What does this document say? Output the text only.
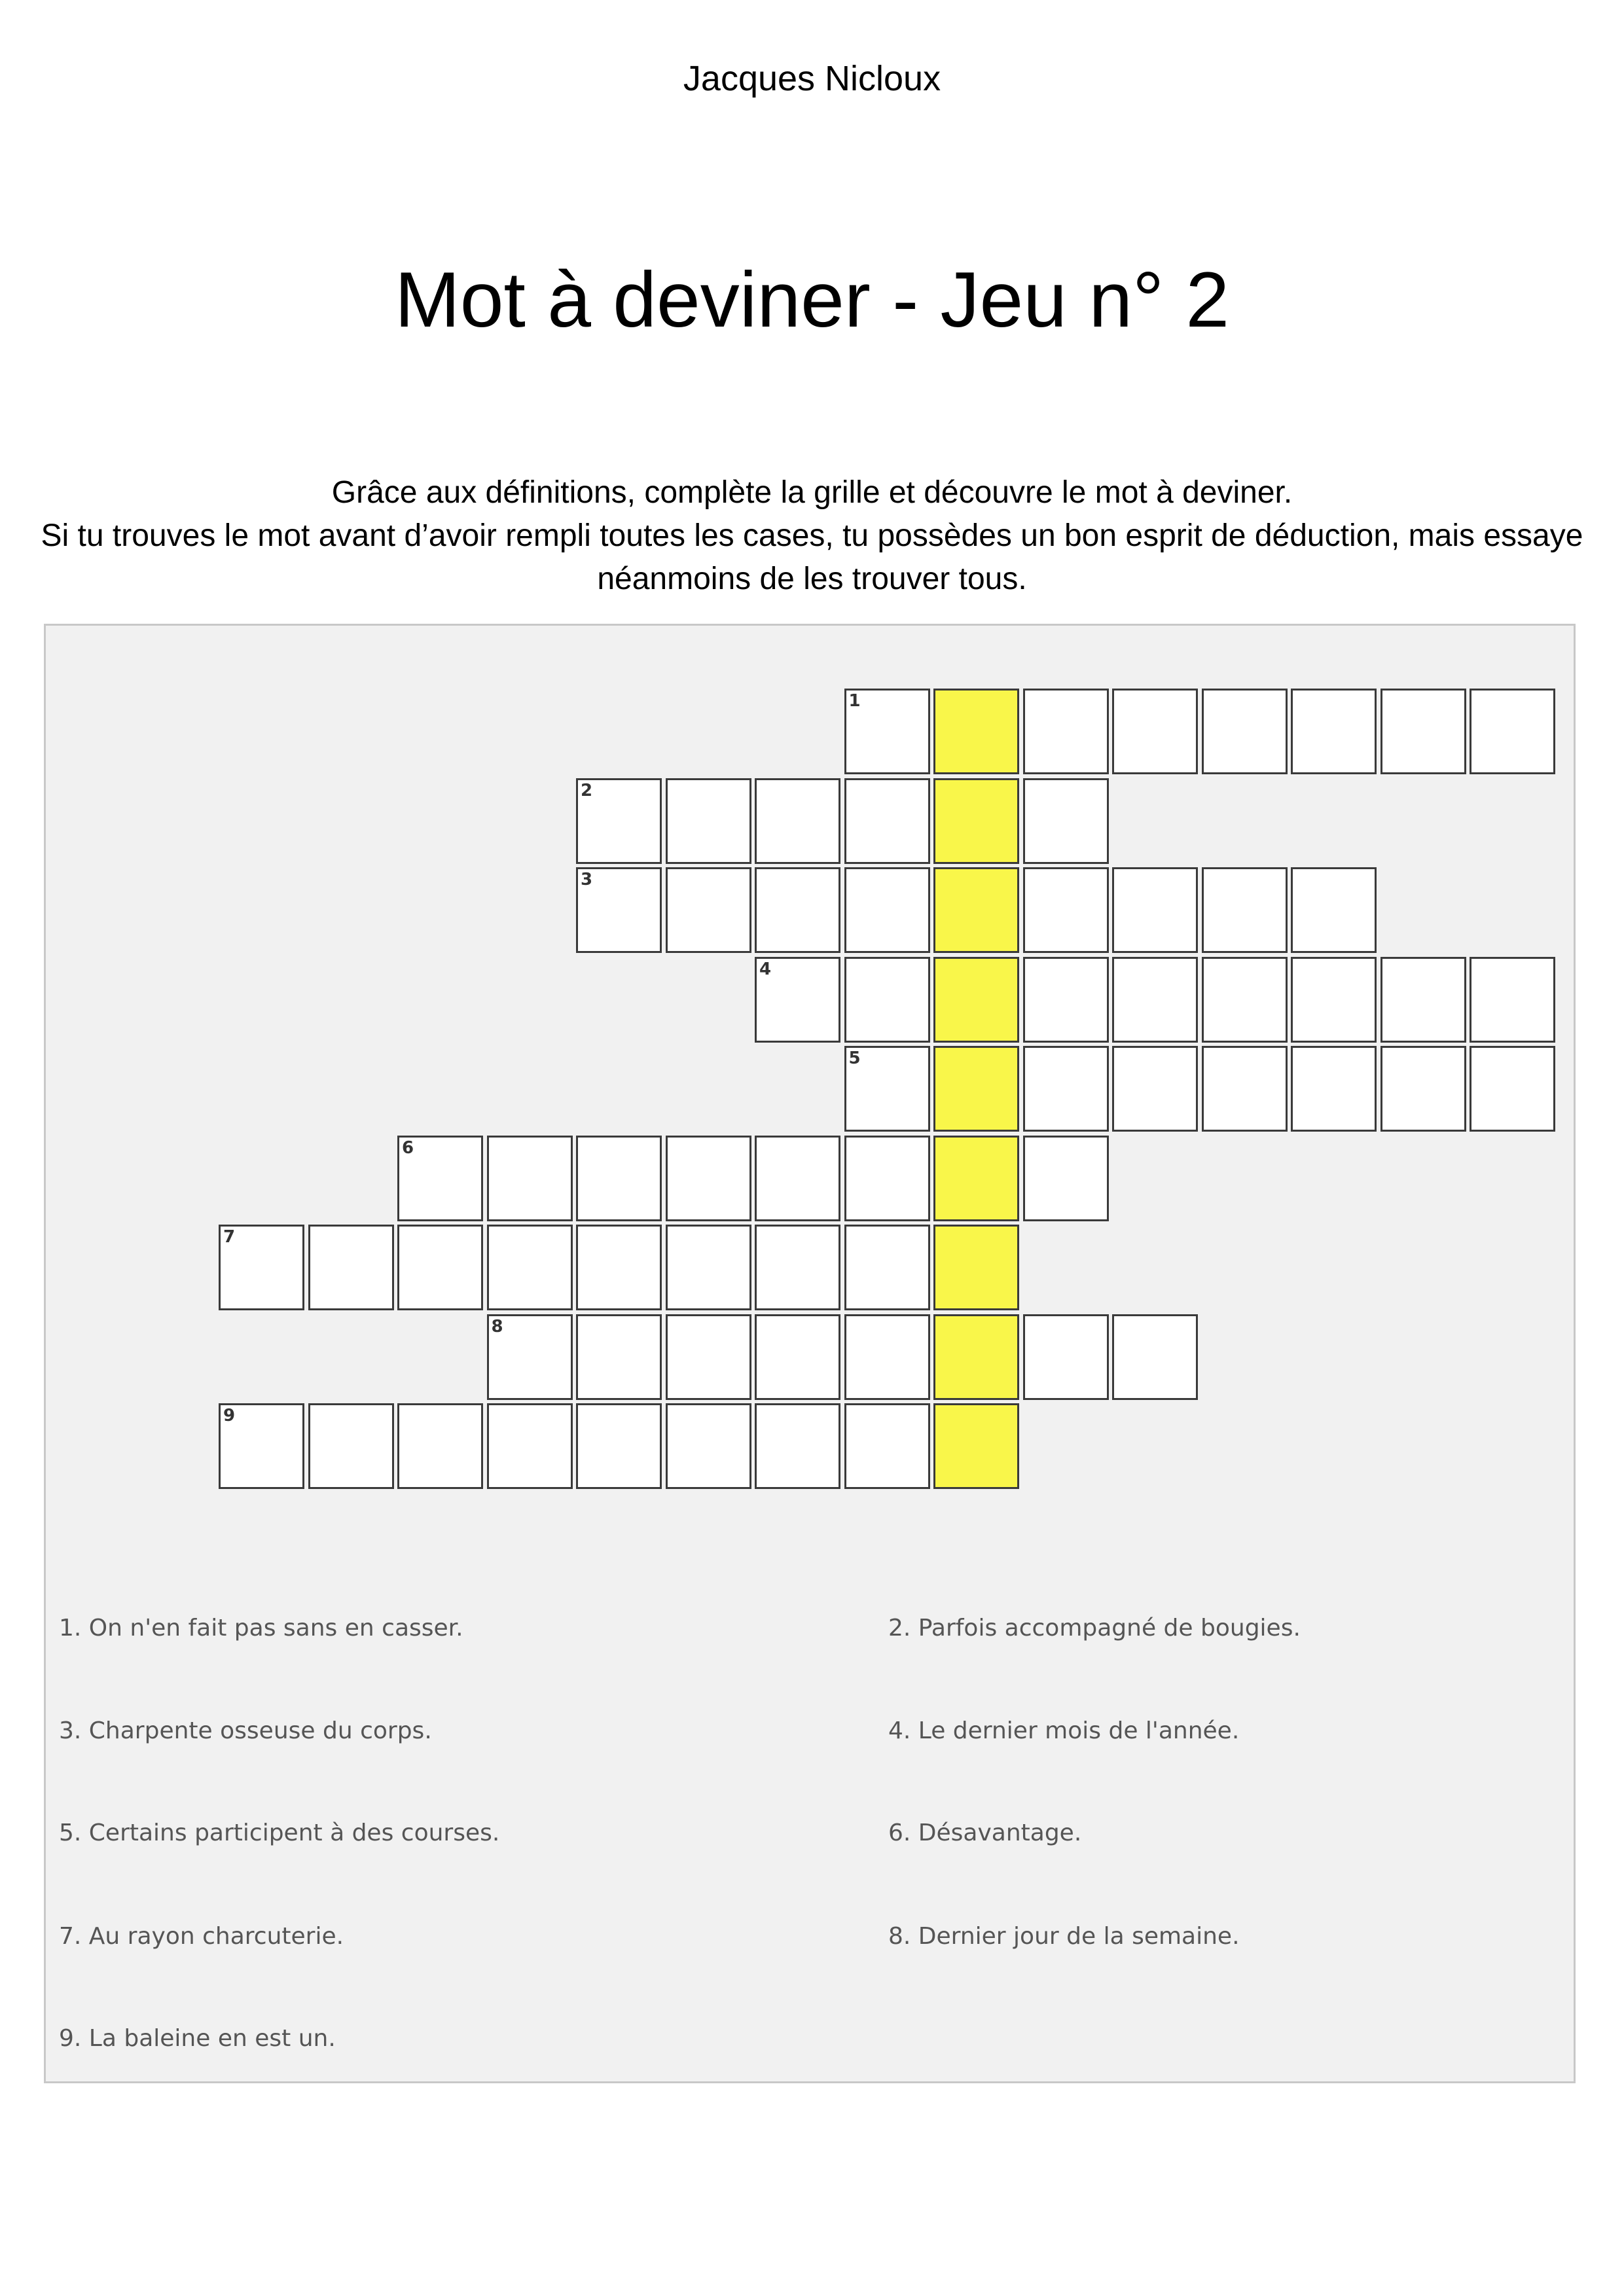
Jacques Nicloux
Mot à deviner - Jeu n° 2
Grâce aux définitions, complète la grille et découvre le mot à deviner.
Si tu trouves le mot avant d’avoir rempli toutes les cases, tu possèdes un bon esprit de déduction, mais essaye
néanmoins de les trouver tous.
1
2
3
4
5
6
7
8
9
1. On n'en fait pas sans en casser.	2. Parfois accompagné de bougies.
3. Charpente osseuse du corps.	4. Le dernier mois de l'année.
5. Certains participent à des courses.	6. Désavantage.
7. Au rayon charcuterie.	8. Dernier jour de la semaine.
9. La baleine en est un.
